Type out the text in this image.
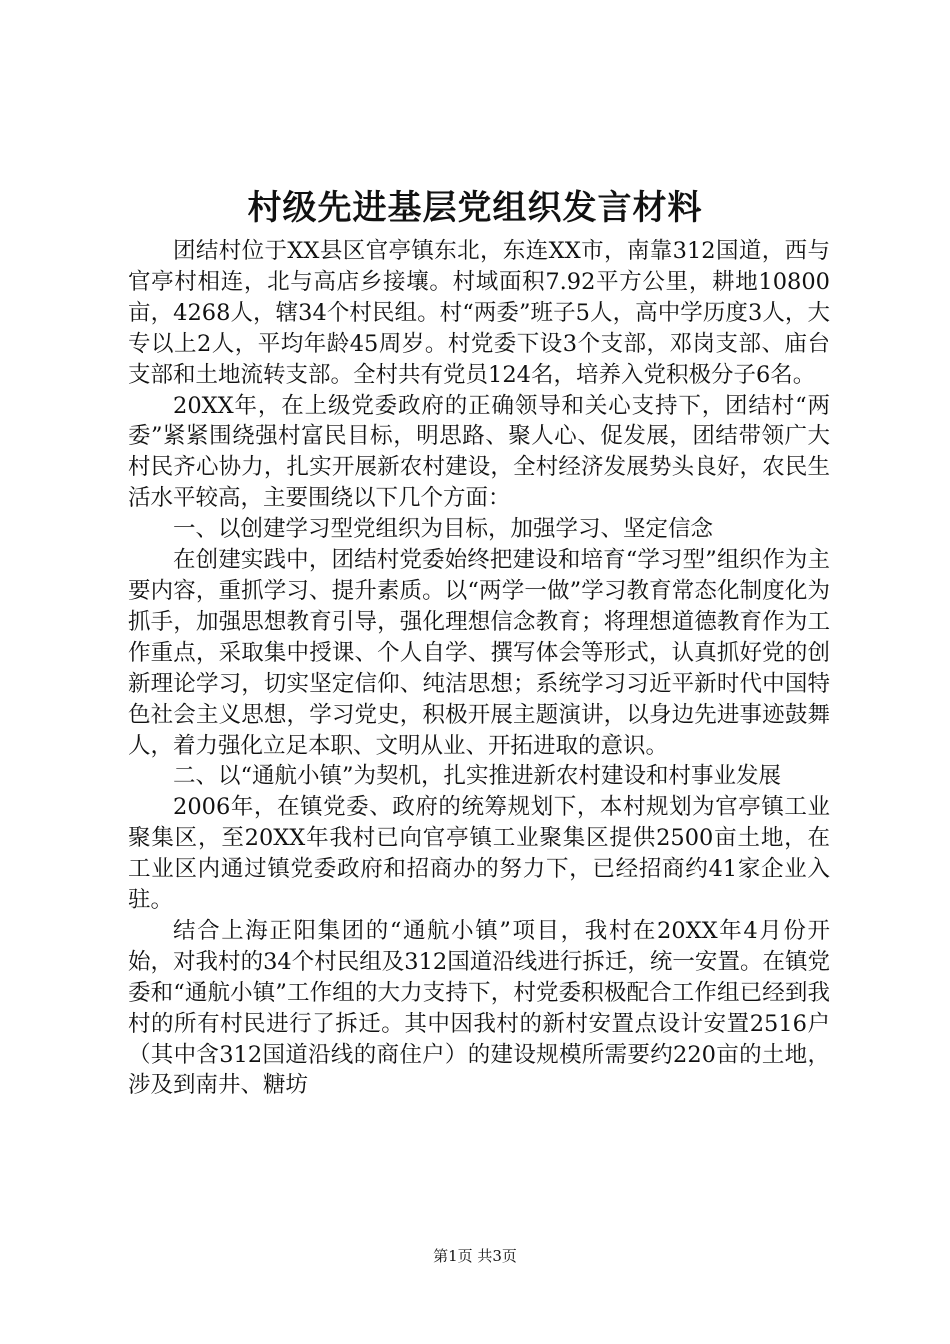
村级先进基层党组织发言材料

团结村位于XX县区官亭镇东北，东连XX市，南靠312国道，西与官亭村相连，北与高店乡接壤。村域面积7.92平方公里，耕地10800亩，4268人，辖34个村民组。村“两委”班子5人，高中学历度3人，大专以上2人，平均年龄45周岁。村党委下设3个支部，邓岗支部、庙台支部和土地流转支部。全村共有党员124名，培养入党积极分子6名。

20XX年，在上级党委政府的正确领导和关心支持下，团结村“两委”紧紧围绕强村富民目标，明思路、聚人心、促发展，团结带领广大村民齐心协力，扎实开展新农村建设，全村经济发展势头良好，农民生活水平较高，主要围绕以下几个方面：

一、以创建学习型党组织为目标，加强学习、坚定信念

在创建实践中，团结村党委始终把建设和培育“学习型”组织作为主要内容，重抓学习、提升素质。以“两学一做”学习教育常态化制度化为抓手，加强思想教育引导，强化理想信念教育；将理想道德教育作为工作重点，采取集中授课、个人自学、撰写体会等形式，认真抓好党的创新理论学习，切实坚定信仰、纯洁思想；系统学习习近平新时代中国特色社会主义思想，学习党史，积极开展主题演讲，以身边先进事迹鼓舞人，着力强化立足本职、文明从业、开拓进取的意识。

二、以“通航小镇”为契机，扎实推进新农村建设和村事业发展

2006年，在镇党委、政府的统筹规划下，本村规划为官亭镇工业聚集区，至20XX年我村已向官亭镇工业聚集区提供2500亩土地，在工业区内通过镇党委政府和招商办的努力下，已经招商约41家企业入驻。

结合上海正阳集团的“通航小镇”项目，我村在20XX年4月份开始，对我村的34个村民组及312国道沿线进行拆迁，统一安置。在镇党委和“通航小镇”工作组的大力支持下，村党委积极配合工作组已经到我村的所有村民进行了拆迁。其中因我村的新村安置点设计安置2516户（其中含312国道沿线的商住户）的建设规模所需要约220亩的土地，涉及到南井、糖坊

第1页 共3页
